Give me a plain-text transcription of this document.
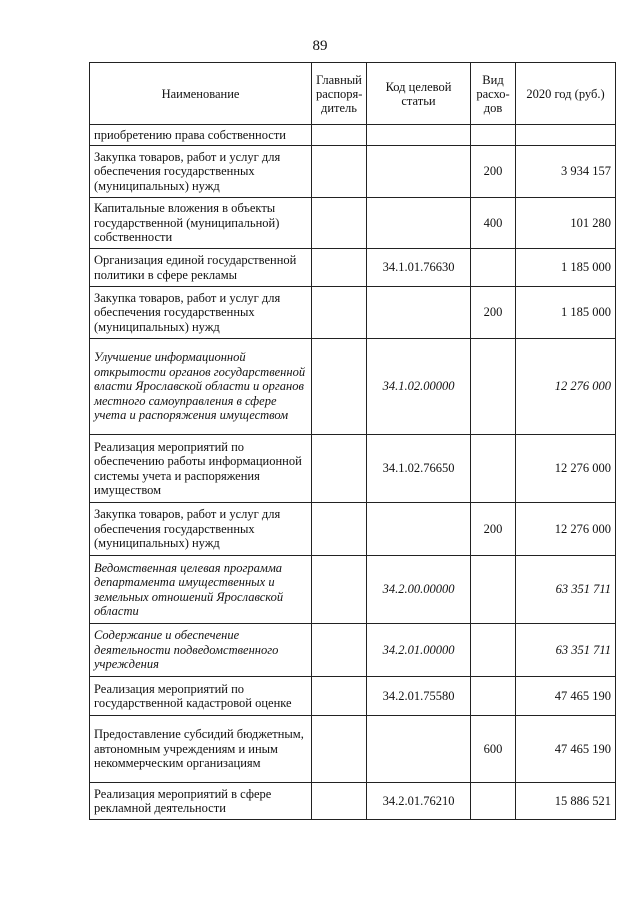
89
Наименование	Главный распоря-дитель	Код целевой статьи	Вид расхо-дов	2020 год (руб.)
приобретению права собственности				
Закупка товаров, работ и услуг для обеспечения государственных (муниципальных) нужд			200	3 934 157
Капитальные вложения в объекты государственной (муниципальной) собственности			400	101 280
Организация единой государственной политики в сфере рекламы		34.1.01.76630		1 185 000
Закупка товаров, работ и услуг для обеспечения государственных (муниципальных) нужд			200	1 185 000
Улучшение информационной открытости органов государственной власти Ярославской области и органов местного самоуправления в сфере учета и распоряжения имуществом		34.1.02.00000		12 276 000
Реализация мероприятий по обеспечению работы информационной системы учета и распоряжения имуществом		34.1.02.76650		12 276 000
Закупка товаров, работ и услуг для обеспечения государственных (муниципальных) нужд			200	12 276 000
Ведомственная целевая программа департамента имущественных и земельных отношений Ярославской области		34.2.00.00000		63 351 711
Содержание и обеспечение деятельности подведомственного учреждения		34.2.01.00000		63 351 711
Реализация мероприятий по государственной кадастровой оценке		34.2.01.75580		47 465 190
Предоставление субсидий бюджетным, автономным учреждениям и иным некоммерческим организациям			600	47 465 190
Реализация мероприятий в сфере рекламной деятельности		34.2.01.76210		15 886 521
